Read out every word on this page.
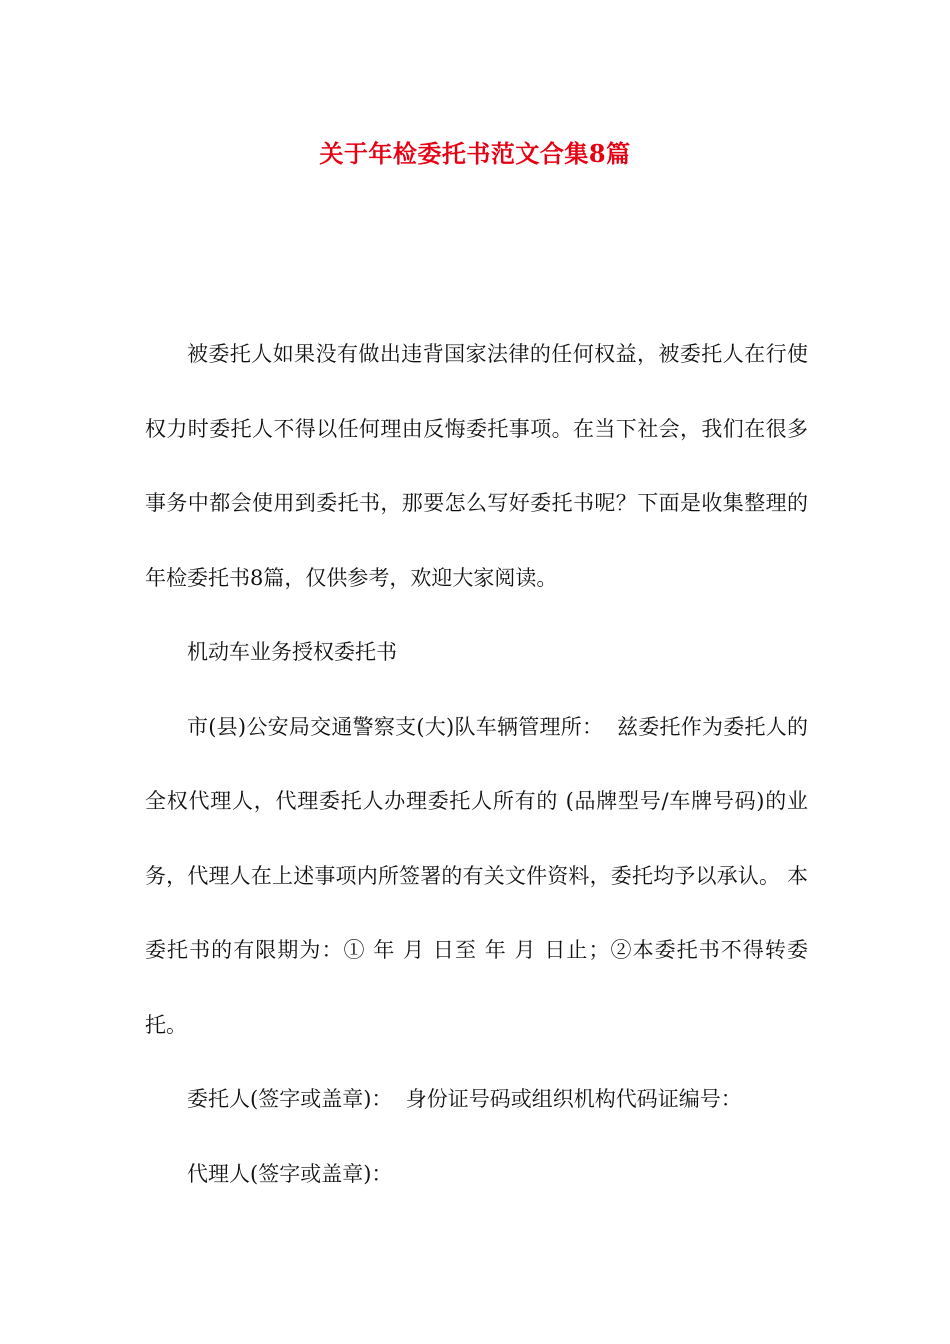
关于年检委托书范文合集8篇

被委托人如果没有做出违背国家法律的任何权益，被委托人在行使权力时委托人不得以任何理由反悔委托事项。在当下社会，我们在很多事务中都会使用到委托书，那要怎么写好委托书呢？下面是收集整理的年检委托书8篇，仅供参考，欢迎大家阅读。

机动车业务授权委托书

市(县)公安局交通警察支(大)队车辆管理所：  兹委托作为委托人的全权代理人，代理委托人办理委托人所有的 (品牌型号/车牌号码)的业务，代理人在上述事项内所签署的有关文件资料，委托均予以承认。 本委托书的有限期为：① 年 月 日至 年 月 日止；②本委托书不得转委托。

委托人(签字或盖章)：  身份证号码或组织机构代码证编号：

代理人(签字或盖章)：
